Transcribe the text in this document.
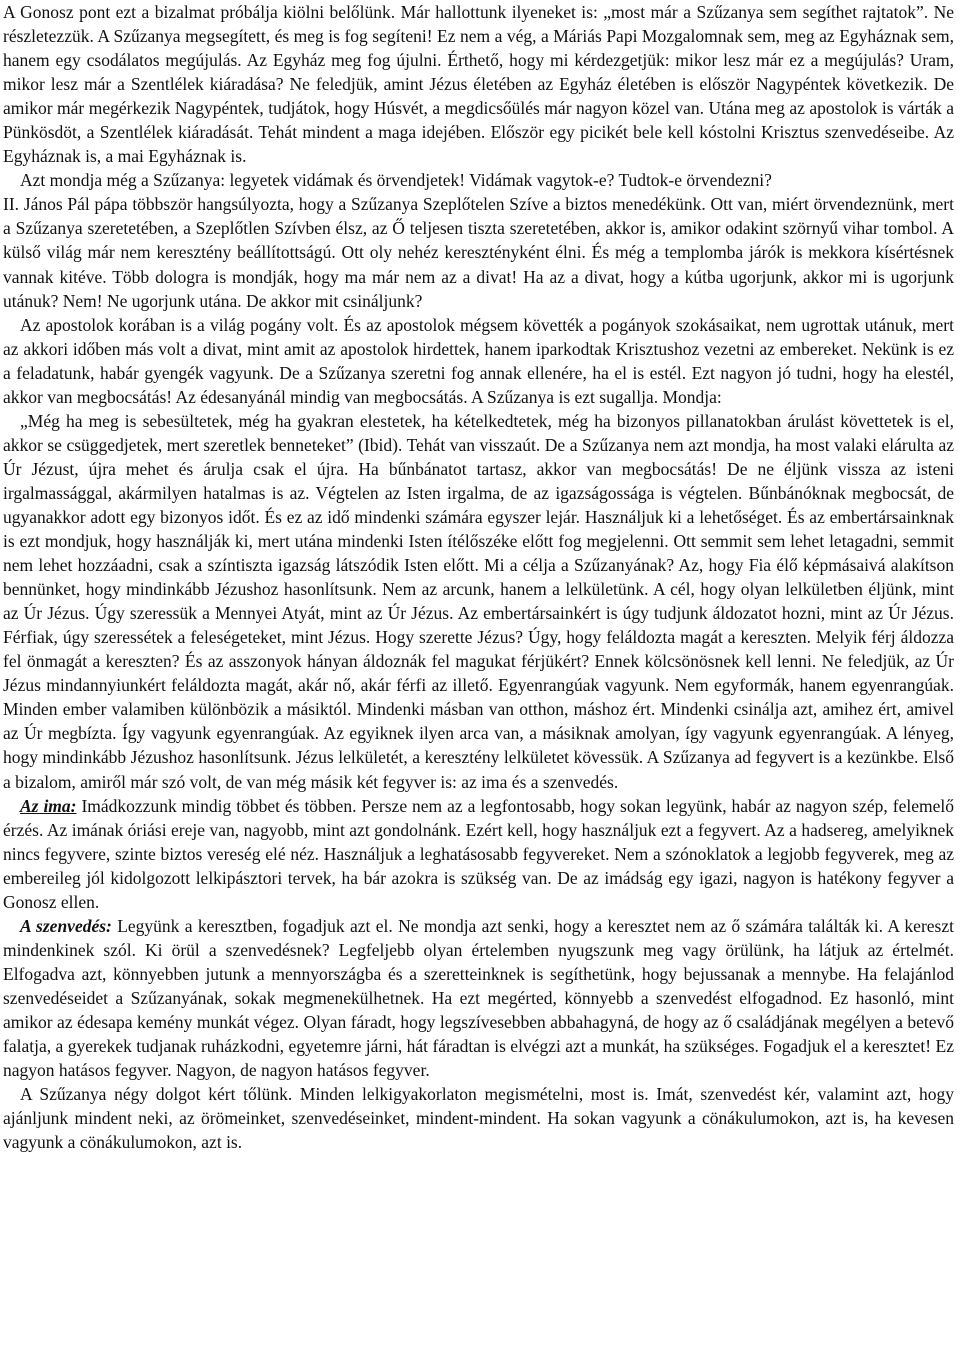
A Gonosz pont ezt a bizalmat próbálja kiölni belőlünk. Már hallottunk ilyeneket is: „most már a Szűzanya sem segíthet rajtatok”. Ne részletezzük. A Szűzanya megsegített, és meg is fog segíteni! Ez nem a vég, a Máriás Papi Mozgalomnak sem, meg az Egyháznak sem, hanem egy csodálatos megújulás. Az Egyház meg fog újulni. Érthető, hogy mi kérdezgetjük: mikor lesz már ez a megújulás? Uram, mikor lesz már a Szentlélek kiáradása? Ne feledjük, amint Jézus életében az Egyház életében is először Nagypéntek következik. De amikor már megérkezik Nagypéntek, tudjátok, hogy Húsvét, a megdicsőülés már nagyon közel van. Utána meg az apostolok is várták a Pünkösdöt, a Szentlélek kiáradását. Tehát mindent a maga idejében. Először egy picikét bele kell kóstolni Krisztus szenvedéseibe. Az Egyháznak is, a mai Egyháznak is.

Azt mondja még a Szűzanya: legyetek vidámak és örvendjetek! Vidámak vagytok-e? Tudtok-e örvendezni?

II. János Pál pápa többször hangsúlyozta, hogy a Szűzanya Szeplőtelen Szíve a biztos menedékünk. Ott van, miért örvendeznünk, mert a Szűzanya szeretetében, a Szeplőtlen Szívben élsz, az Ő teljesen tiszta szeretetében, akkor is, amikor odakint szörnyű vihar tombol. A külső világ már nem keresztény beállítottságú. Ott oly nehéz keresztényként élni. És még a templomba járók is mekkora kísértésnek vannak kitéve. Több dologra is mondják, hogy ma már nem az a divat! Ha az a divat, hogy a kútba ugorjunk, akkor mi is ugorjunk utánuk? Nem! Ne ugorjunk utána. De akkor mit csináljunk?

Az apostolok korában is a világ pogány volt. És az apostolok mégsem követték a pogányok szokásaikat, nem ugrottak utánuk, mert az akkori időben más volt a divat, mint amit az apostolok hirdettek, hanem iparkodtak Krisztushoz vezetni az embereket. Nekünk is ez a feladatunk, habár gyengék vagyunk. De a Szűzanya szeretni fog annak ellenére, ha el is estél. Ezt nagyon jó tudni, hogy ha elestél, akkor van megbocsátás! Az édesanyánál mindig van megbocsátás. A Szűzanya is ezt sugallja. Mondja:

„Még ha meg is sebesültetek, még ha gyakran elestetek, ha kételkedtetek, még ha bizonyos pillanatokban árulást követtetek is el, akkor se csüggedjetek, mert szeretlek benneteket” (Ibid). Tehát van visszaút. De a Szűzanya nem azt mondja, ha most valaki elárulta az Úr Jézust, újra mehet és árulja csak el újra. Ha bűnbánatot tartasz, akkor van megbocsátás! De ne éljünk vissza az isteni irgalmassággal, akármilyen hatalmas is az. Végtelen az Isten irgalma, de az igazságossága is végtelen. Bűnbánóknak megbocsát, de ugyanakkor adott egy bizonyos időt. És ez az idő mindenki számára egyszer lejár. Használjuk ki a lehetőséget. És az embertársainknak is ezt mondjuk, hogy használják ki, mert utána mindenki Isten ítélőszéke előtt fog megjelenni. Ott semmit sem lehet letagadni, semmit nem lehet hozzáadni, csak a színtiszta igazság látszódik Isten előtt. Mi a célja a Szűzanyának? Az, hogy Fia élő képmásaivá alakítson bennünket, hogy mindinkább Jézushoz hasonlítsunk. Nem az arcunk, hanem a lelkületünk. A cél, hogy olyan lelkületben éljünk, mint az Úr Jézus. Úgy szeressük a Mennyei Atyát, mint az Úr Jézus. Az embertársainkért is úgy tudjunk áldozatot hozni, mint az Úr Jézus. Férfiak, úgy szeressétek a feleségeteket, mint Jézus. Hogy szerette Jézus? Úgy, hogy feláldozta magát a kereszten. Melyik férj áldozza fel önmagát a kereszten? És az asszonyok hányan áldoznák fel magukat férjükért? Ennek kölcsönösnek kell lenni. Ne feledjük, az Úr Jézus mindannyiunkért feláldozta magát, akár nő, akár férfi az illető. Egyenrangúak vagyunk. Nem egyformák, hanem egyenrangúak. Minden ember valamiben különbözik a másiktól. Mindenki másban van otthon, máshoz ért. Mindenki csinálja azt, amihez ért, amivel az Úr megbízta. Így vagyunk egyenrangúak. Az egyiknek ilyen arca van, a másiknak amolyan, így vagyunk egyenrangúak. A lényeg, hogy mindinkább Jézushoz hasonlítsunk. Jézus lelkületét, a keresztény lelkületet kövessük. A Szűzanya ad fegyvert is a kezünkbe. Első a bizalom, amiről már szó volt, de van még másik két fegyver is: az ima és a szenvedés.

Az ima: Imádkozzunk mindig többet és többen. Persze nem az a legfontosabb, hogy sokan legyünk, habár az nagyon szép, felemelő érzés. Az imának óriási ereje van, nagyobb, mint azt gondolnánk. Ezért kell, hogy használjuk ezt a fegyvert. Az a hadsereg, amelyiknek nincs fegyvere, szinte biztos vereség elé néz. Használjuk a leghatásosabb fegyvereket. Nem a szónoklatok a legjobb fegyverek, meg az embereileg jól kidolgozott lelkipásztori tervek, ha bár azokra is szükség van. De az imádság egy igazi, nagyon is hatékony fegyver a Gonosz ellen.

A szenvedés: Legyünk a keresztben, fogadjuk azt el. Ne mondja azt senki, hogy a keresztet nem az ő számára találták ki. A kereszt mindenkinek szól. Ki örül a szenvedésnek? Legfeljebb olyan értelemben nyugszunk meg vagy örülünk, ha látjuk az értelmét. Elfogadva azt, könnyebben jutunk a mennyországba és a szeretteinknek is segíthetünk, hogy bejussanak a mennybe. Ha felajánlod szenvedéseidet a Szűzanyának, sokak megmenekülhetnek. Ha ezt megérted, könnyebb a szenvedést elfogadnod. Ez hasonló, mint amikor az édesapa kemény munkát végez. Olyan fáradt, hogy legszívesebben abbahagyná, de hogy az ő családjának megélyen a betevő falatja, a gyerekek tudjanak ruházkodni, egyetemre járni, hát fáradtan is elvégzi azt a munkát, ha szükséges. Fogadjuk el a keresztet! Ez nagyon hatásos fegyver. Nagyon, de nagyon hatásos fegyver.

A Szűzanya négy dolgot kért tőlünk. Minden lelkigyakorlaton megismételni, most is. Imát, szenvedést kér, valamint azt, hogy ajánljunk mindent neki, az örömeinket, szenvedéseinket, mindent-mindent. Ha sokan vagyunk a cönákulumokon, azt is, ha kevesen vagyunk a cönákulumokon, azt is.
